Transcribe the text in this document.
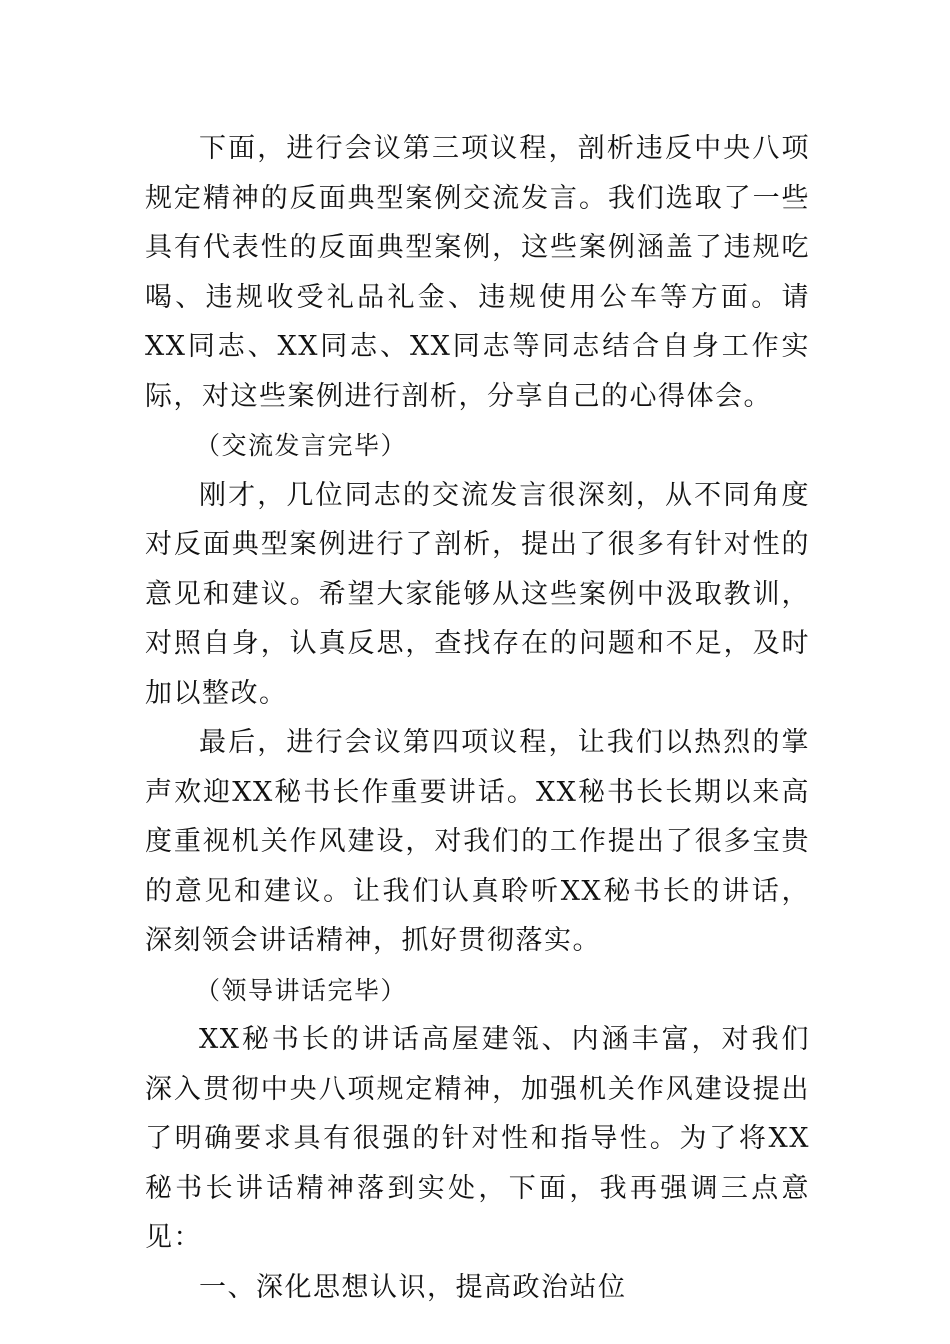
下面，进行会议第三项议程，剖析违反中央八项规定精神的反面典型案例交流发言。我们选取了一些具有代表性的反面典型案例，这些案例涵盖了违规吃喝、违规收受礼品礼金、违规使用公车等方面。请XX同志、XX同志、XX同志等同志结合自身工作实际，对这些案例进行剖析，分享自己的心得体会。

（交流发言完毕）

刚才，几位同志的交流发言很深刻，从不同角度对反面典型案例进行了剖析，提出了很多有针对性的意见和建议。希望大家能够从这些案例中汲取教训，对照自身，认真反思，查找存在的问题和不足，及时加以整改。

最后，进行会议第四项议程，让我们以热烈的掌声欢迎XX秘书长作重要讲话。XX秘书长长期以来高度重视机关作风建设，对我们的工作提出了很多宝贵的意见和建议。让我们认真聆听XX秘书长的讲话，深刻领会讲话精神，抓好贯彻落实。

（领导讲话完毕）

XX秘书长的讲话高屋建瓴、内涵丰富，对我们深入贯彻中央八项规定精神，加强机关作风建设提出了明确要求具有很强的针对性和指导性。为了将XX秘书长讲话精神落到实处，下面，我再强调三点意见：

一、深化思想认识，提高政治站位
